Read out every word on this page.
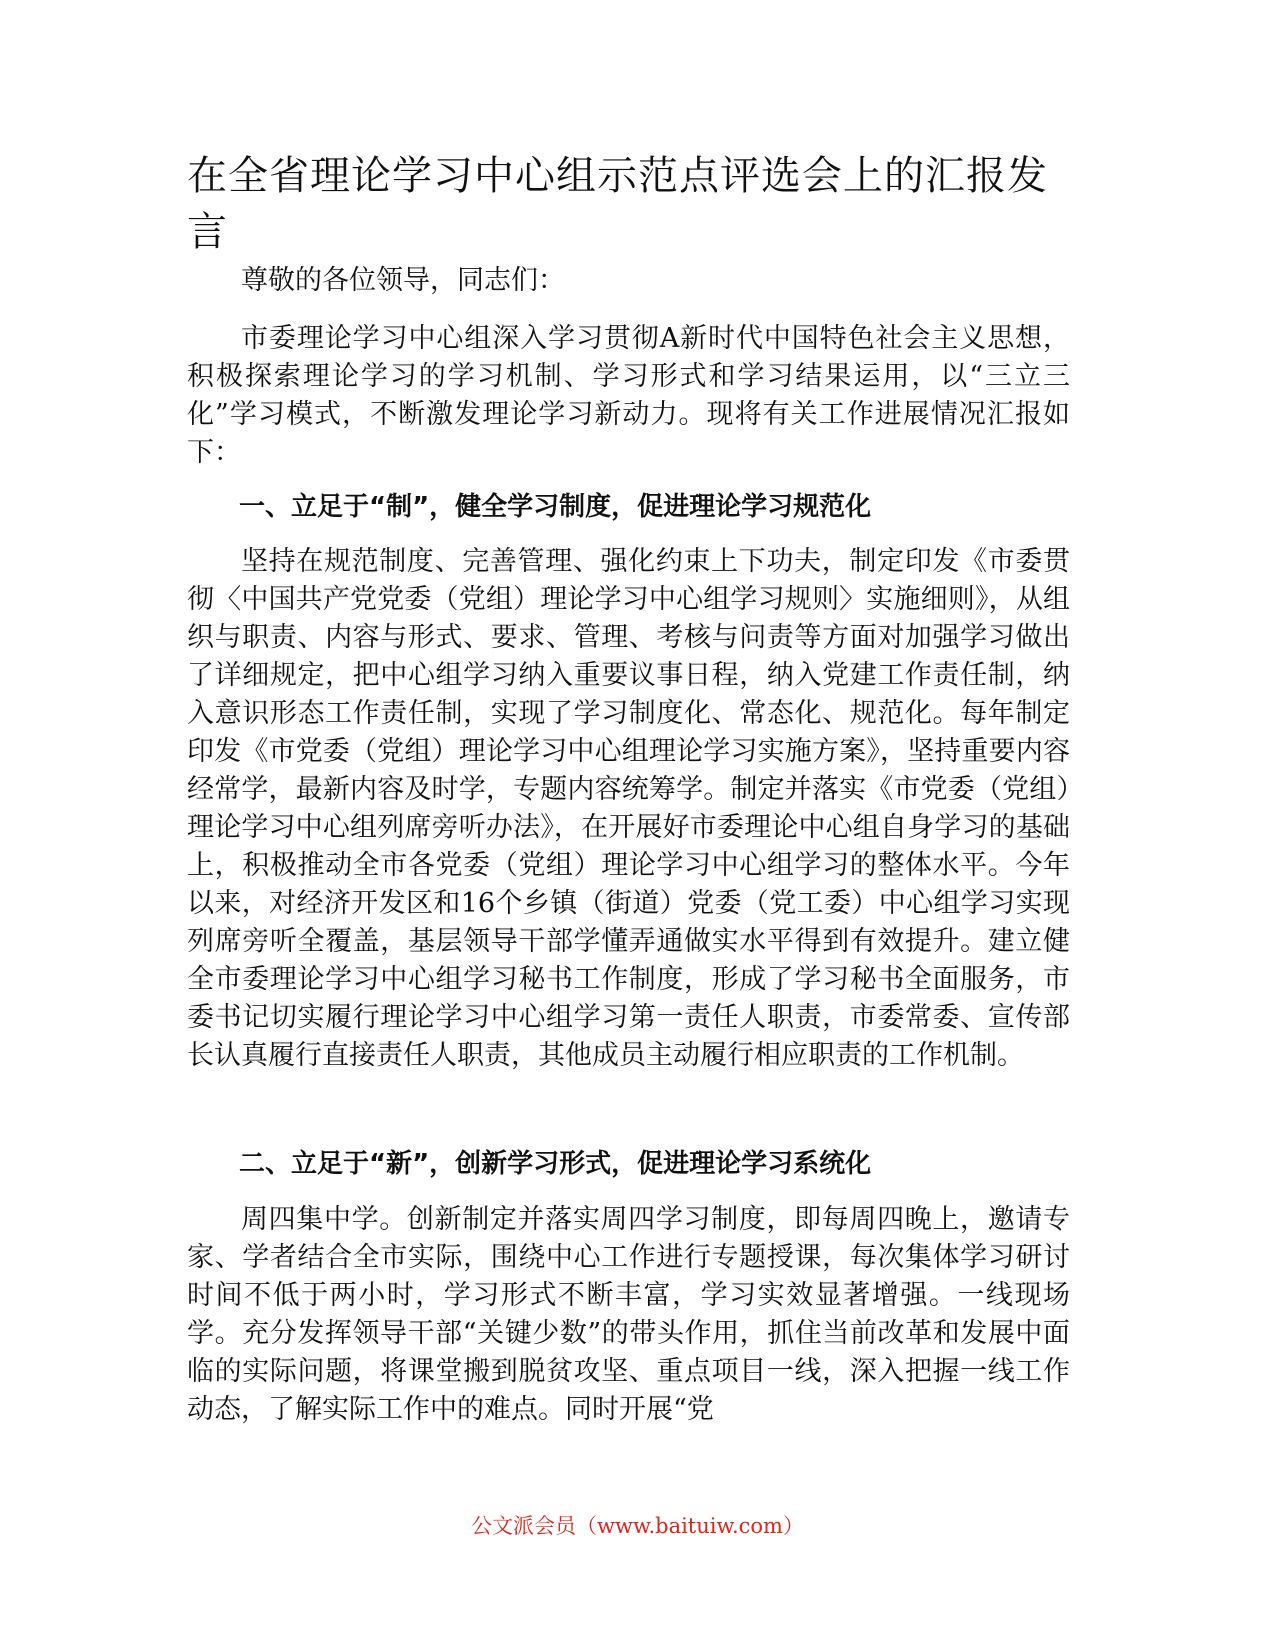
在全省理论学习中心组示范点评选会上的汇报发言

尊敬的各位领导，同志们：

市委理论学习中心组深入学习贯彻A新时代中国特色社会主义思想，积极探索理论学习的学习机制、学习形式和学习结果运用，以“三立三化”学习模式，不断激发理论学习新动力。现将有关工作进展情况汇报如下：

一、立足于“制”，健全学习制度，促进理论学习规范化

坚持在规范制度、完善管理、强化约束上下功夫，制定印发《市委贯彻〈中国共产党党委（党组）理论学习中心组学习规则〉实施细则》，从组织与职责、内容与形式、要求、管理、考核与问责等方面对加强学习做出了详细规定，把中心组学习纳入重要议事日程，纳入党建工作责任制，纳入意识形态工作责任制，实现了学习制度化、常态化、规范化。每年制定印发《市党委（党组）理论学习中心组理论学习实施方案》，坚持重要内容经常学，最新内容及时学，专题内容统筹学。制定并落实《市党委（党组）理论学习中心组列席旁听办法》，在开展好市委理论中心组自身学习的基础上，积极推动全市各党委（党组）理论学习中心组学习的整体水平。今年以来，对经济开发区和16个乡镇（街道）党委（党工委）中心组学习实现列席旁听全覆盖，基层领导干部学懂弄通做实水平得到有效提升。建立健全市委理论学习中心组学习秘书工作制度，形成了学习秘书全面服务，市委书记切实履行理论学习中心组学习第一责任人职责，市委常委、宣传部长认真履行直接责任人职责，其他成员主动履行相应职责的工作机制。

二、立足于“新”，创新学习形式，促进理论学习系统化

周四集中学。创新制定并落实周四学习制度，即每周四晚上，邀请专家、学者结合全市实际，围绕中心工作进行专题授课，每次集体学习研讨时间不低于两小时，学习形式不断丰富，学习实效显著增强。一线现场学。充分发挥领导干部“关键少数”的带头作用，抓住当前改革和发展中面临的实际问题，将课堂搬到脱贫攻坚、重点项目一线，深入把握一线工作动态，了解实际工作中的难点。同时开展“党

公文派会员（www.baituiw.com）
